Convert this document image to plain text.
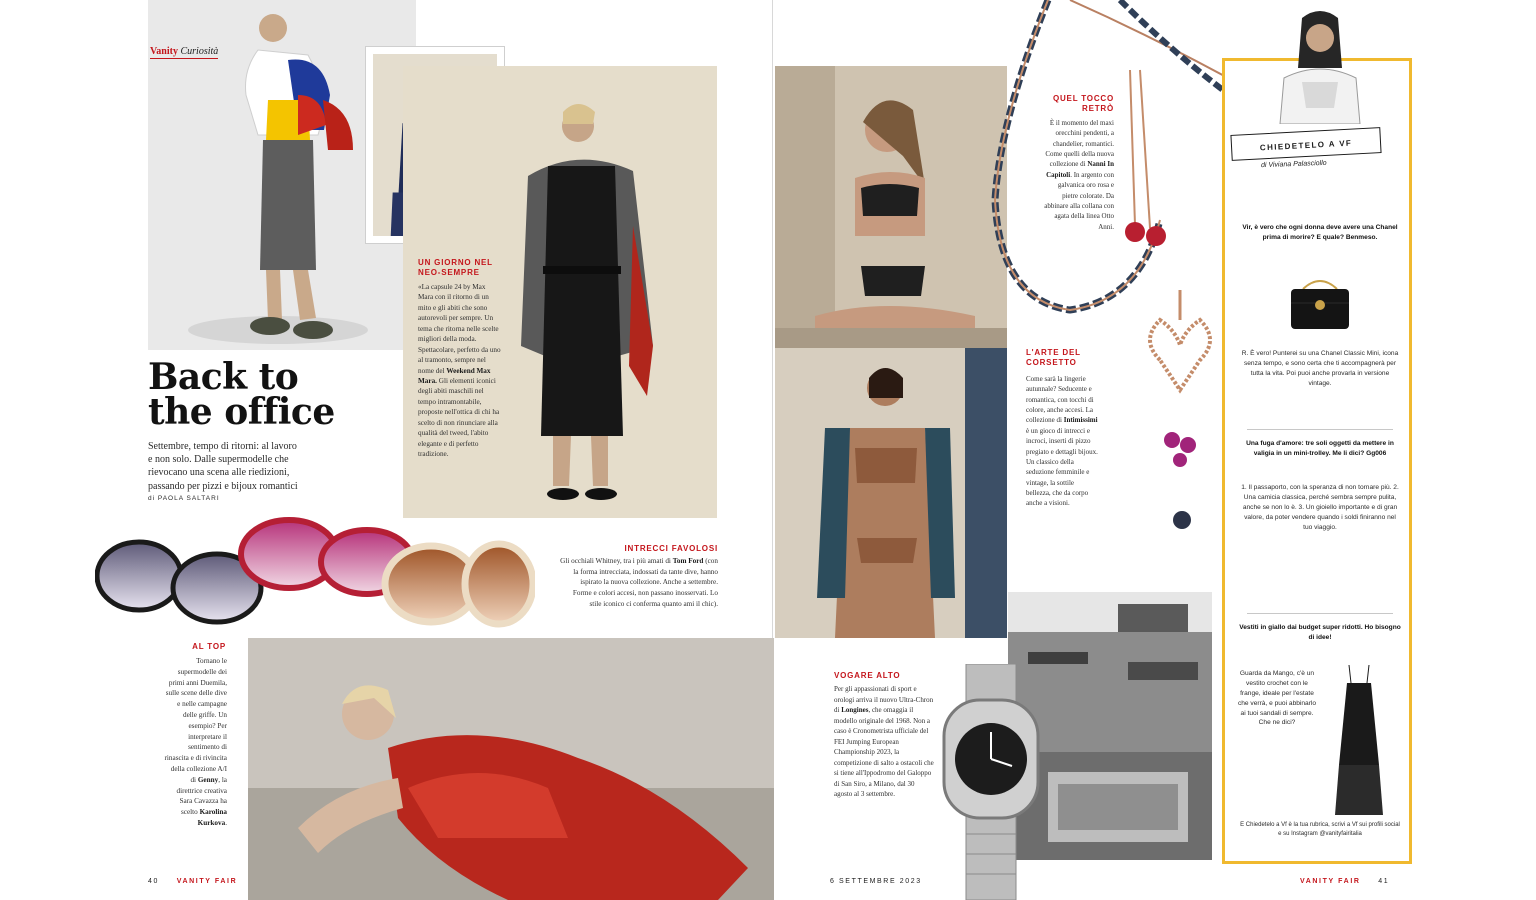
Vanity Curiosità
UN GIORNO NEL
NEO-SEMPRE
«La capsule 24 by Max Mara con il ritorno di un mito e gli abiti che sono autorevoli per sempre. Un tema che ritorna nelle scelte migliori della moda. Spettacolare, perfetto da uno al tramonto, sempre nel nome del Weekend Max Mara. Gli elementi iconici degli abiti maschili nel tempo intramontabile, proposte nell'ottica di chi ha scelto di non rinunciare alla qualità del tweed, l'abito elegante e di perfetto tradizione.
Back to
the office
Settembre, tempo di ritorni: al lavoro
e non solo. Dalle supermodelle che
rievocano una scena alle riedizioni,
passando per pizzi e bijoux romantici
di PAOLA SALTARI
INTRECCI FAVOLOSI
Gli occhiali Whitney, tra i più amati di Tom Ford (con la forma intrecciata, indossati da tante dive, hanno ispirato la nuova collezione. Anche a settembre. Forme e colori accesi, non passano inosservati. Lo stile iconico ci conferma quanto ami il chic).
AL TOP
Tornano le supermodelle dei primi anni Duemila, sulle scene delle dive e nelle campagne delle griffe. Un esempio? Per interpretare il sentimento di rinascita e di rivincita della collezione A/I di Genny, la direttrice creativa Sara Cavazza ha scelto Karolina Kurkova.
40	VANITY FAIR
QUEL TOCCO
RETRÒ
È il momento del maxi orecchini pendenti, a chandelier, romantici. Come quelli della nuova collezione di Nanni In Capitoli. In argento con galvanica oro rosa e pietre colorate. Da abbinare alla collana con agata della linea Otto Anni.
L'ARTE DEL
CORSETTO
Come sarà la lingerie autunnale? Seducente e romantica, con tocchi di colore, anche accesi. La collezione di Intimissimi è un gioco di intrecci e incroci, inserti di pizzo pregiato e dettagli bijoux. Un classico della seduzione femminile e vintage, la sottile bellezza, che da corpo anche a visioni.
VOGARE ALTO
Per gli appassionati di sport e orologi arriva il nuovo Ultra-Chron di Longines, che omaggia il modello originale del 1968. Non a caso è Cronometrista ufficiale del FEI Jumping European Championship 2023, la competizione di salto a ostacoli che si tiene all'Ippodromo del Galoppo di San Siro, a Milano, dal 30 agosto al 3 settembre.
6 SETTEMBRE 2023	VANITY FAIR	41
CHIEDETELO A VF
di Viviana Palasciollo
Vir, è vero che ogni donna deve avere una Chanel prima di morire? E quale? Benmeso.
R. È vero! Punterei su una Chanel Classic Mini, icona senza tempo, e sono certa che ti accompagnerà per tutta la vita. Poi puoi anche provarla in versione vintage.
Una fuga d'amore: tre soli oggetti da mettere in valigia in un mini-trolley. Me li dici? Gg006
1. Il passaporto, con la speranza di non tornare più. 2. Una camicia classica, perché sembra sempre pulita, anche se non lo è. 3. Un gioiello importante e di gran valore, da poter vendere quando i soldi finiranno nel tuo viaggio.
Vestiti in giallo dai budget super ridotti. Ho bisogno di idee!
Guarda da Mango, c'è un vestito crochet con le frange, ideale per l'estate che verrà, e puoi abbinarlo ai tuoi sandali di sempre. Che ne dici?
E Chiedetelo a Vf è la tua rubrica, scrivi a Vf sui profili social e su Instagram @vanityfairitalia
